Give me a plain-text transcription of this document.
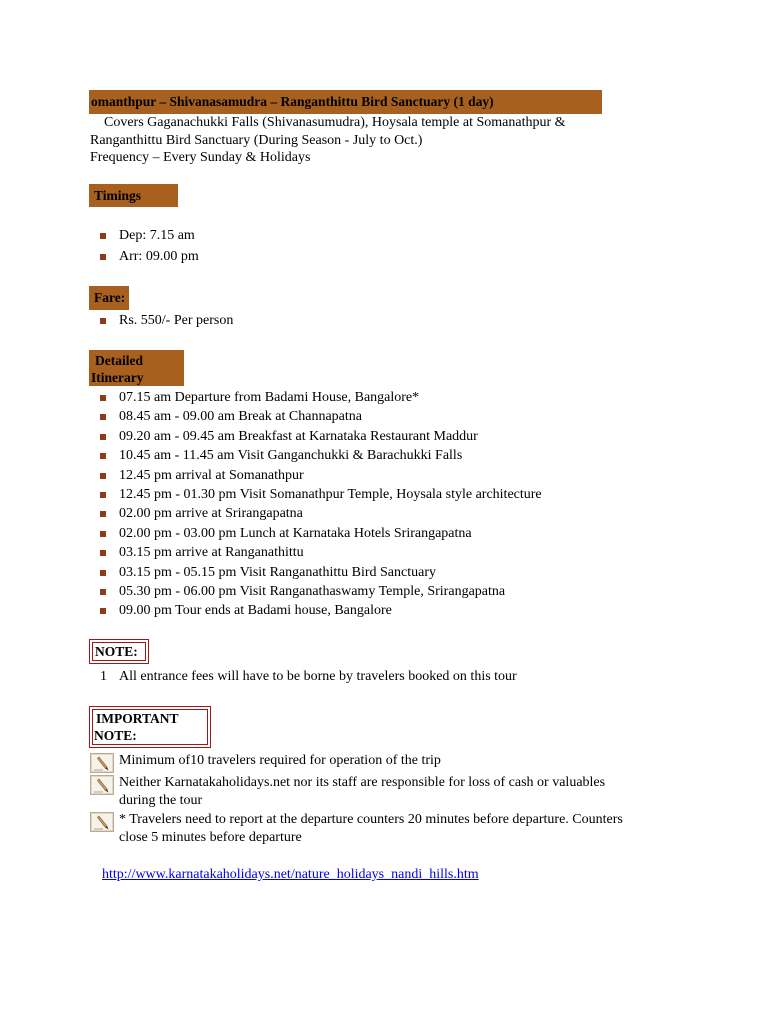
omanthpur – Shivanasamudra – Ranganthittu Bird Sanctuary (1 day)
Covers Gaganachukki Falls (Shivanasumudra), Hoysala temple at Somanathpur &
Ranganthittu Bird Sanctuary (During Season - July to Oct.)
Frequency – Every Sunday & Holidays
Timings
Dep: 7.15 am
Arr: 09.00 pm
Fare:
Rs. 550/- Per person
Detailed
Itinerary
07.15 am Departure from Badami House, Bangalore*
08.45 am - 09.00 am Break at Channapatna
09.20 am - 09.45 am Breakfast at Karnataka Restaurant Maddur
10.45 am - 11.45 am Visit Ganganchukki & Barachukki Falls
12.45 pm arrival at Somanathpur
12.45 pm - 01.30 pm Visit Somanathpur Temple, Hoysala style architecture
02.00 pm arrive at Srirangapatna
02.00 pm - 03.00 pm Lunch at Karnataka Hotels Srirangapatna
03.15 pm arrive at Ranganathittu
03.15 pm - 05.15 pm Visit Ranganathittu Bird Sanctuary
05.30 pm - 06.00 pm Visit Ranganathaswamy Temple, Srirangapatna
09.00 pm Tour ends at Badami house, Bangalore
NOTE:
1 All entrance fees will have to be borne by travelers booked on this tour
IMPORTANT
NOTE:
Minimum of10 travelers required for operation of the trip
Neither Karnatakaholidays.net nor its staff are responsible for loss of cash or valuables
during the tour
* Travelers need to report at the departure counters 20 minutes before departure. Counters
close 5 minutes before departure
http://www.karnatakaholidays.net/nature_holidays_nandi_hills.htm
